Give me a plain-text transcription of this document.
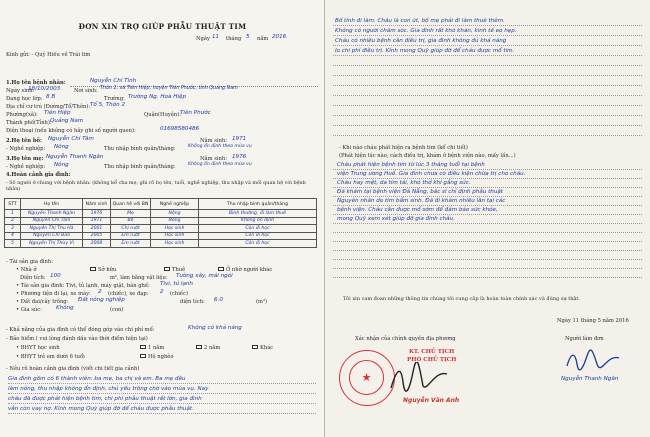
ĐƠN XIN TRỢ GIÚP PHẪU THUẬT TIM
Ngày 11 tháng 5 năm 2016
Kính gửi: - Quỹ Hiếu về Trái tim
1.Họ tên bệnh nhân:	Nguyễn Chí Tình
Ngày sinh:
18/10/2003	Nơi sinh: Thôn 2, xã Tiên Hiệp, huyện Tiên Phước, tỉnh Quảng Nam
Đang học lớp: 8 B	Trường: Trường Ng. Hoà Hiệp
Địa chỉ cư trú (Đường/Tổ/Thôn): Tổ 5, Thôn 2
Phường(xã): Tiên Hiệp	Quận(Huyện):
Tiên Phước
Thành phố(Tỉnh):
Quảng Nam
Điện thoại (nếu không có hãy ghi số người quen):	01698580486
2.Họ tên bố: Nguyễn Chí Tâm	Năm sinh: 1971
- Nghề nghiệp: Nông	Thu nhập bình quân/tháng:	Không ổn định theo mùa vụ
3.Họ tên mẹ: Nguyễn Thanh Ngân	Năm sinh: 1976
- Nghề nghiệp: Nông	Thu nhập bình quân/tháng:	Không ổn định theo mùa vụ
4.Hoàn cảnh gia đình:
- Số người ở chung với bệnh nhân: (không kể cha mẹ, ghi rõ bọ tên, tuổi, nghề nghiệp, thu nhập và mối quan hệ với bệnh nhân)
STT	Họ tên	Năm sinh	Quan hệ với BN	Nghề nghiệp	Thu nhập bình quân/tháng
1	Nguyễn Thanh Ngân	1976	Mẹ	Nông	Bình thường, đi làm thuê
2	Nguyễn Chí Tâm	1971	Bố	Nông	Không ổn định
3	Nguyễn Thị Thu Hà	2001	Chị ruột	Học sinh	Còn đi học
4	Nguyễn Chí Bảo	2005	Em ruột	Học sinh	Còn đi học
5	Nguyễn Thị Thùy Vi	2008	Em ruột	Học sinh	Còn đi học
- Tài sản gia đình:
• Nhà ở	Sở hữu	Thuê	Ở nhờ người khác
Diện tích: 100	m², làm bằng vật liệu: Tường xây, mái ngói
• Tài sản gia đình: Tivi, tủ lạnh, máy giặt, bàn ghế: Tivi, tủ lạnh
• Phương tiện đi lại, xe máy: 2 (chiếc), xe đạp: 2 (chiếc)
• Đất đai/cây trồng: Đất nông nghiệp	diện tích: 6.0	(m²)
• Gia súc:	Không	(con)
- Khả năng của gia đình có thể đóng góp vào chi phí mổ:	Không có khả năng
- Bảo hiểm ( vui lòng đánh dấu vào thời điểm hiện tại)
• BHYT học sinh	1 năm	2 năm	Khác
• BHYT trẻ em dưới 6 tuổi	Hộ nghèo
- Nêu rõ hoàn cảnh gia đình (viết chi tiết gia cảnh)
Gia đình gồm có 6 thành viên: ba mẹ, ba chị và em. Ba mẹ đều
làm nông, thu nhập không ổn định, chủ yếu trông chờ vào mùa vụ. Nay
cháu đã được phát hiện bệnh tim, chi phí phẫu thuật rất lớn, gia đình
vẫn còn vay nợ. Kính mong Quỹ giúp đỡ để cháu được phẫu thuật.
Bố tính đi làm. Cháu là con út, bố mẹ phải đi làm thuê thêm.
Không có người chăm sóc. Gia đình rất khó khăn, kinh tế eo hẹp.
Cháu có nhiều bệnh cần điều trị, gia đình không đủ khả năng
lo chi phí điều trị. Kính mong Quỹ giúp đỡ để cháu được mổ tim.
- Khi nào cháu phát hiện ra bệnh tim (kể chi tiết)
(Phát hiện lúc nào, cách điều trị, khám ở bệnh viện nào, mấy lần...)
Cháu phát hiện bệnh tim từ lúc 3 tháng tuổi tại bệnh
viện Trung ương Huế. Gia đình chưa có điều kiện chữa trị cho cháu.
Cháu hay mệt, da tím tái, khó thở khi gắng sức.
Đã khám tại bệnh viện Đà Nẵng, bác sĩ chỉ định phẫu thuật
Nguyên nhân do tim bẩm sinh. Đã đi khám nhiều lần tại các
bệnh viện. Cháu cần được mổ sớm để đảm bảo sức khỏe,
mong Quỹ xem xét giúp đỡ gia đình cháu.
Tôi xin cam đoan những thông tin chúng tôi cung cấp là hoàn toàn chính xác và đúng sự thật.
Ngày 11 tháng 5 năm 2016
Xác nhận của chính quyền địa phương	Người làm đơn
★
KT. CHỦ TỊCH
PHÓ CHỦ TỊCH
Nguyễn Văn Anh
Nguyễn Thanh Ngân
